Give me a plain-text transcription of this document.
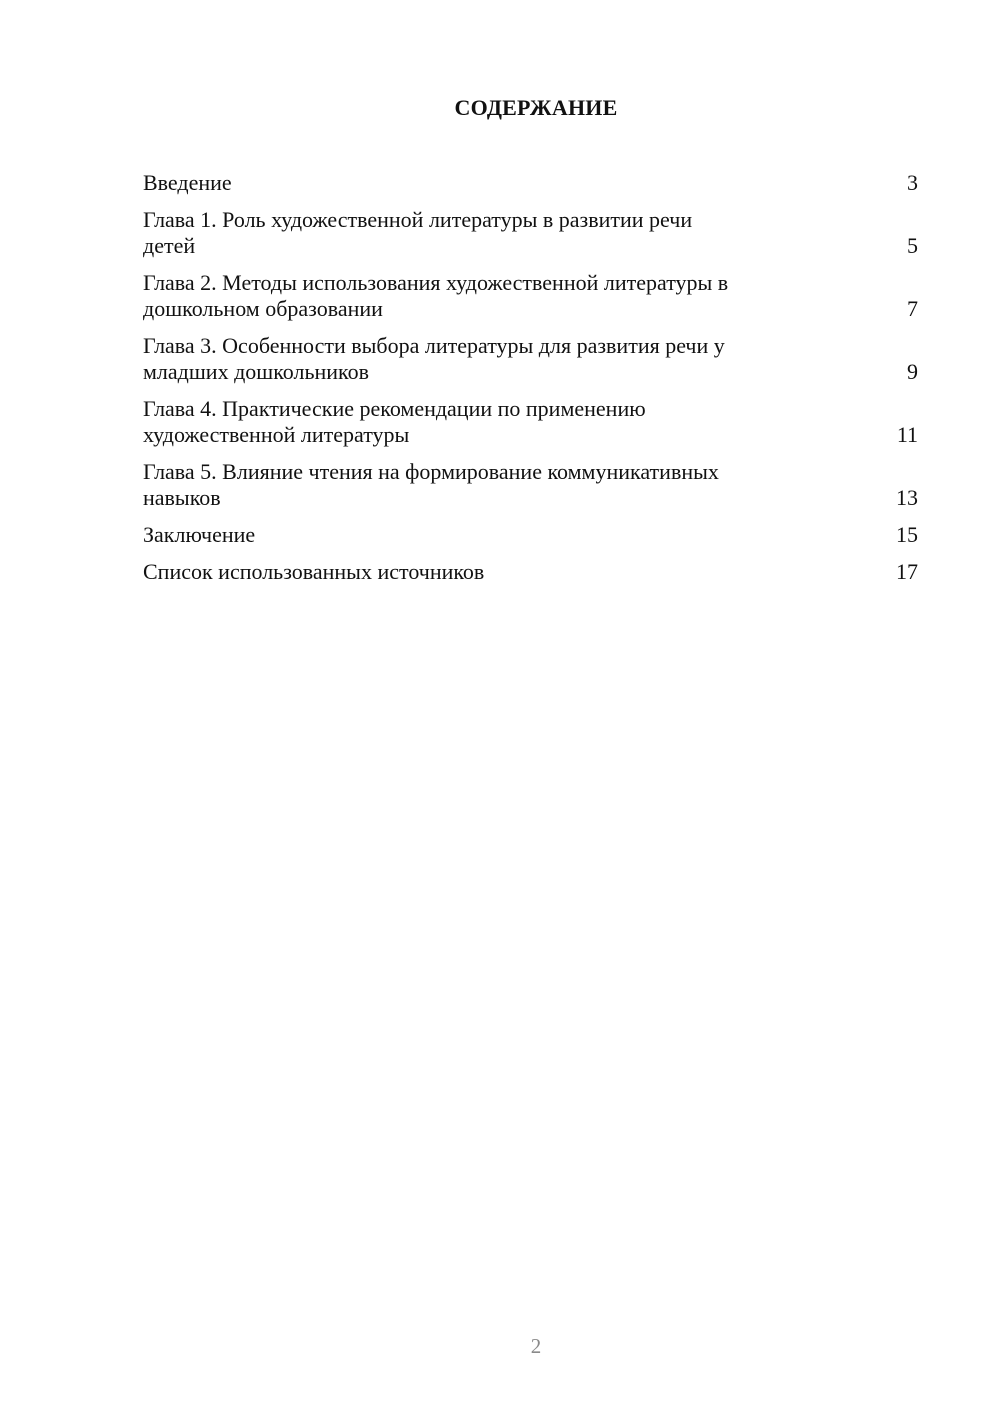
СОДЕРЖАНИЕ
Введение	3
Глава 1. Роль художественной литературы в развитии речи
детей	5
Глава 2. Методы использования художественной литературы в
дошкольном образовании	7
Глава 3. Особенности выбора литературы для развития речи у
младших дошкольников	9
Глава 4. Практические рекомендации по применению
художественной литературы	11
Глава 5. Влияние чтения на формирование коммуникативных
навыков	13
Заключение	15
Список использованных источников	17
2
